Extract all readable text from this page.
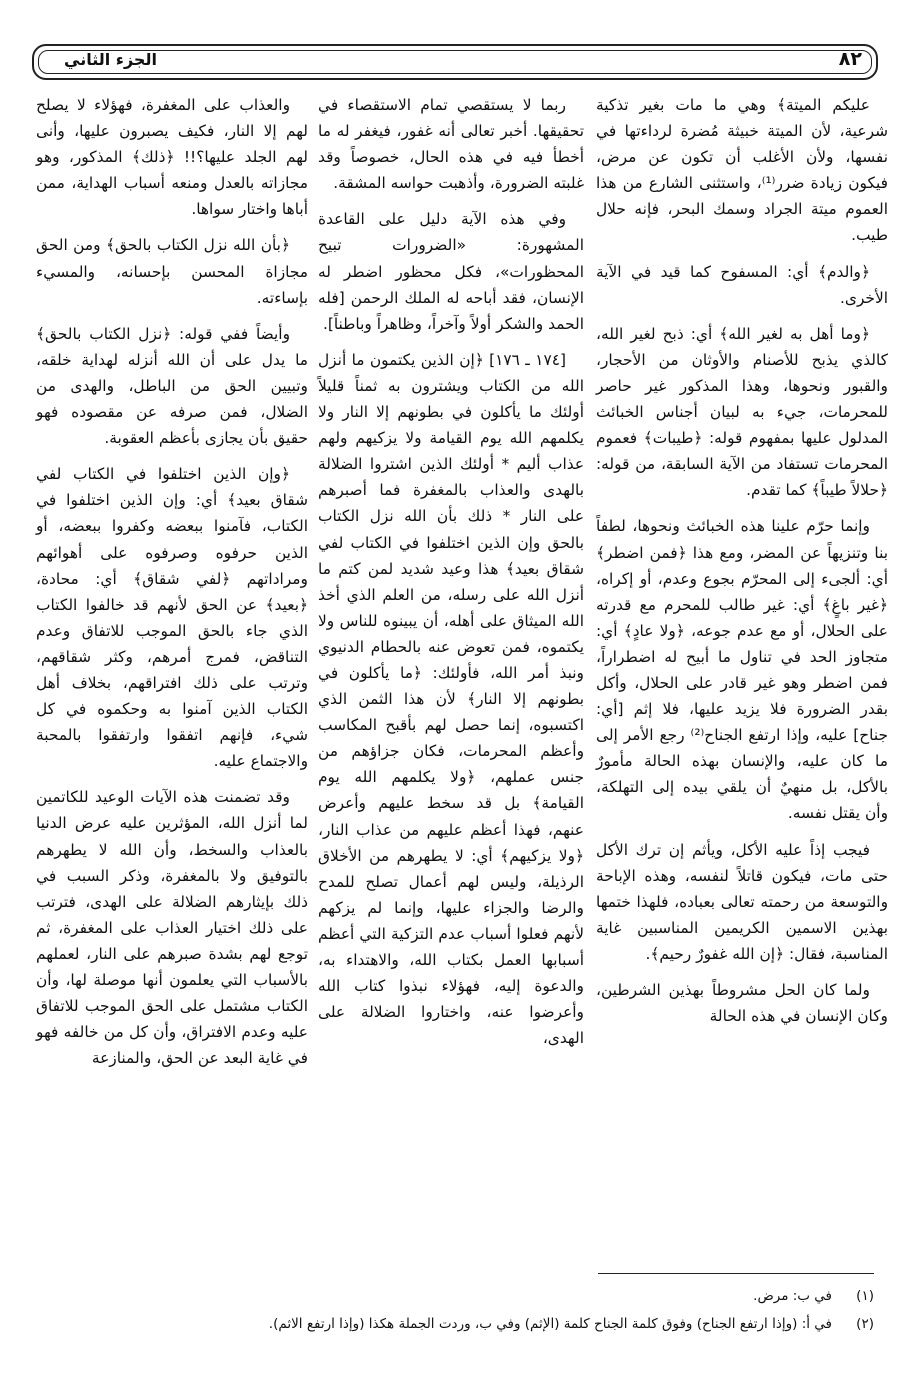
٨٢
الجزء الثاني

عليكم الميتة﴾ وهي ما مات بغير تذكية شرعية، لأن الميتة خبيثة مُضرة لرداءتها في نفسها، ولأن الأغلب أن تكون عن مرض، فيكون زيادة ضرر⁽¹⁾، واستثنى الشارع من هذا العموم ميتة الجراد وسمك البحر، فإنه حلال طيب.

﴿والدم﴾ أي: المسفوح كما قيد في الآية الأخرى.

﴿وما أهل به لغير الله﴾ أي: ذبح لغير الله، كالذي يذبح للأصنام والأوثان من الأحجار، والقبور ونحوها، وهذا المذكور غير حاصر للمحرمات، جيء به لبيان أجناس الخبائث المدلول عليها بمفهوم قوله: ﴿طيبات﴾ فعموم المحرمات تستفاد من الآية السابقة، من قوله: ﴿حلالاً طيباً﴾ كما تقدم.

وإنما حرّم علينا هذه الخبائث ونحوها، لطفاً بنا وتنزيهاً عن المضر، ومع هذا ﴿فمن اضطر﴾ أي: ألجىء إلى المحرّم بجوع وعدم، أو إكراه، ﴿غير باغٍ﴾ أي: غير طالب للمحرم مع قدرته على الحلال، أو مع عدم جوعه، ﴿ولا عادٍ﴾ أي: متجاوز الحد في تناول ما أبيح له اضطراراً، فمن اضطر وهو غير قادر على الحلال، وأكل بقدر الضرورة فلا يزيد عليها، فلا إثم [أي: جناح] عليه، وإذا ارتفع الجناح⁽²⁾ رجع الأمر إلى ما كان عليه، والإنسان بهذه الحالة مأمورٌ بالأكل، بل منهيٌ أن يلقي بيده إلى التهلكة، وأن يقتل نفسه.

فيجب إذاً عليه الأكل، ويأثم إن ترك الأكل حتى مات، فيكون قاتلاً لنفسه، وهذه الإباحة والتوسعة من رحمته تعالى بعباده، فلهذا ختمها بهذين الاسمين الكريمين المناسبين غاية المناسبة، فقال: ﴿إن الله غفورٌ رحيم﴾.

ولما كان الحل مشروطاً بهذين الشرطين، وكان الإنسان في هذه الحالة

ربما لا يستقصي تمام الاستقصاء في تحقيقها. أخبر تعالى أنه غفور، فيغفر له ما أخطأ فيه في هذه الحال، خصوصاً وقد غلبته الضرورة، وأذهبت حواسه المشقة.

وفي هذه الآية دليل على القاعدة المشهورة: «الضرورات تبيح المحظورات»، فكل محظور اضطر له الإنسان، فقد أباحه له الملك الرحمن [فله الحمد والشكر أولاً وآخراً، وظاهراً وباطناً].

[١٧٤ ـ ١٧٦] ﴿إن الذين يكتمون ما أنزل الله من الكتاب ويشترون به ثمناً قليلاً أولئك ما يأكلون في بطونهم إلا النار ولا يكلمهم الله يوم القيامة ولا يزكيهم ولهم عذاب أليم * أولئك الذين اشتروا الضلالة بالهدى والعذاب بالمغفرة فما أصبرهم على النار * ذلك بأن الله نزل الكتاب بالحق وإن الذين اختلفوا في الكتاب لفي شقاق بعيد﴾ هذا وعيد شديد لمن كتم ما أنزل الله على رسله، من العلم الذي أخذ الله الميثاق على أهله، أن يبينوه للناس ولا يكتموه، فمن تعوض عنه بالحطام الدنيوي ونبذ أمر الله، فأولئك: ﴿ما يأكلون في بطونهم إلا النار﴾ لأن هذا الثمن الذي اكتسبوه، إنما حصل لهم بأقبح المكاسب وأعظم المحرمات، فكان جزاؤهم من جنس عملهم، ﴿ولا يكلمهم الله يوم القيامة﴾ بل قد سخط عليهم وأعرض عنهم، فهذا أعظم عليهم من عذاب النار، ﴿ولا يزكيهم﴾ أي: لا يطهرهم من الأخلاق الرذيلة، وليس لهم أعمال تصلح للمدح والرضا والجزاء عليها، وإنما لم يزكهم لأنهم فعلوا أسباب عدم التزكية التي أعظم أسبابها العمل بكتاب الله، والاهتداء به، والدعوة إليه، فهؤلاء نبذوا كتاب الله وأعرضوا عنه، واختاروا الضلالة على الهدى،

والعذاب على المغفرة، فهؤلاء لا يصلح لهم إلا النار، فكيف يصبرون عليها، وأنى لهم الجلد عليها؟!! ﴿ذلك﴾ المذكور، وهو مجازاته بالعدل ومنعه أسباب الهداية، ممن أباها واختار سواها.

﴿بأن الله نزل الكتاب بالحق﴾ ومن الحق مجازاة المحسن بإحسانه، والمسيء بإساءته.

وأيضاً ففي قوله: ﴿نزل الكتاب بالحق﴾ ما يدل على أن الله أنزله لهداية خلقه، وتبيين الحق من الباطل، والهدى من الضلال، فمن صرفه عن مقصوده فهو حقيق بأن يجازى بأعظم العقوبة.

﴿وإن الذين اختلفوا في الكتاب لفي شقاق بعيد﴾ أي: وإن الذين اختلفوا في الكتاب، فآمنوا ببعضه وكفروا ببعضه، أو الذين حرفوه وصرفوه على أهوائهم ومراداتهم ﴿لفي شقاق﴾ أي: محادة، ﴿بعيد﴾ عن الحق لأنهم قد خالفوا الكتاب الذي جاء بالحق الموجب للاتفاق وعدم التناقض، فمرج أمرهم، وكثر شقاقهم، وترتب على ذلك افتراقهم، بخلاف أهل الكتاب الذين آمنوا به وحكموه في كل شيء، فإنهم اتفقوا وارتفقوا بالمحبة والاجتماع عليه.

وقد تضمنت هذه الآيات الوعيد للكاتمين لما أنزل الله، المؤثرين عليه عرض الدنيا بالعذاب والسخط، وأن الله لا يطهرهم بالتوفيق ولا بالمغفرة، وذكر السبب في ذلك بإيثارهم الضلالة على الهدى، فترتب على ذلك اختيار العذاب على المغفرة، ثم توجع لهم بشدة صبرهم على النار، لعملهم بالأسباب التي يعلمون أنها موصلة لها، وأن الكتاب مشتمل على الحق الموجب للاتفاق عليه وعدم الافتراق، وأن كل من خالفه فهو في غاية البعد عن الحق، والمنازعة

(١)
في ب: مرض.
(٢)
في أ: (وإذا ارتفع الجناح) وفوق كلمة الجناح كلمة (الإثم) وفي ب، وردت الجملة هكذا (وإذا ارتفع الاثم).
